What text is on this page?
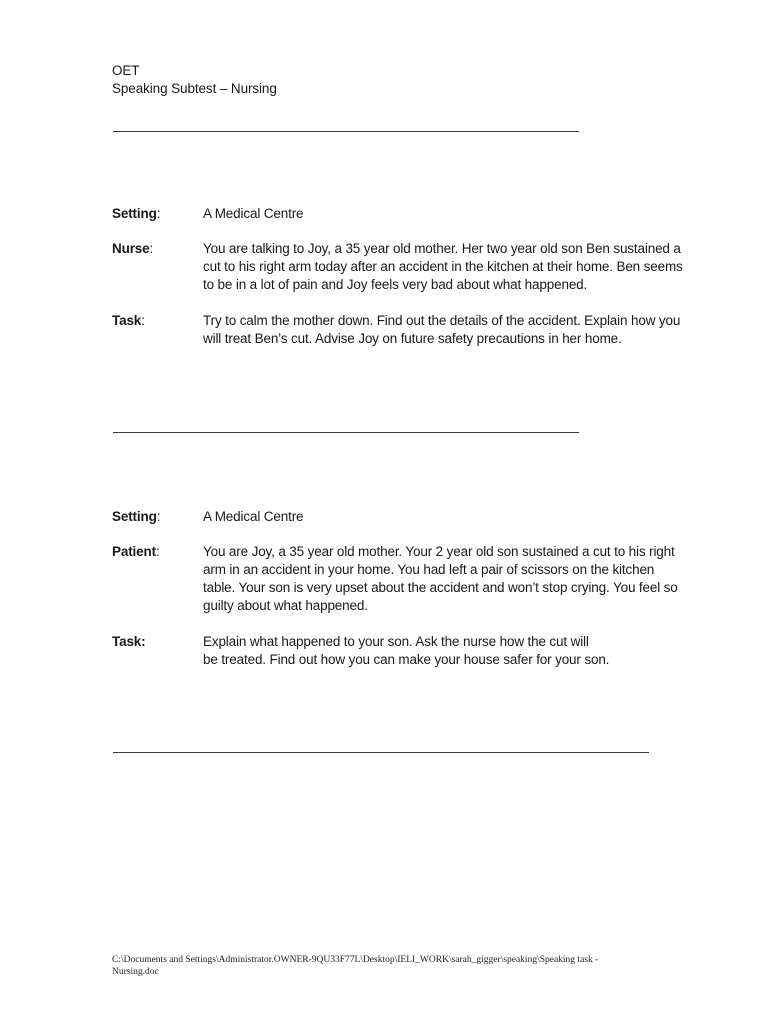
OET
Speaking Subtest – Nursing
Setting:	A Medical Centre
Nurse:	You are talking to Joy, a 35 year old mother. Her two year old son Ben sustained a
cut to his right arm today after an accident in the kitchen at their home. Ben seems
to be in a lot of pain and Joy feels very bad about what happened.
Task:	Try to calm the mother down. Find out the details of the accident. Explain how you
will treat Ben’s cut. Advise Joy on future safety precautions in her home.
Setting:	A Medical Centre
Patient:	You are Joy, a 35 year old mother. Your 2 year old son sustained a cut to his right
arm in an accident in your home. You had left a pair of scissors on the kitchen
table. Your son is very upset about the accident and won’t stop crying. You feel so
guilty about what happened.
Task:	Explain what happened to your son. Ask the nurse how the cut will
be treated. Find out how you can make your house safer for your son.
C:\Documents and Settings\Administrator.OWNER-9QU33F77L\Desktop\IELI_WORK\sarah_gigger\speaking\Speaking task -
Nursing.doc
